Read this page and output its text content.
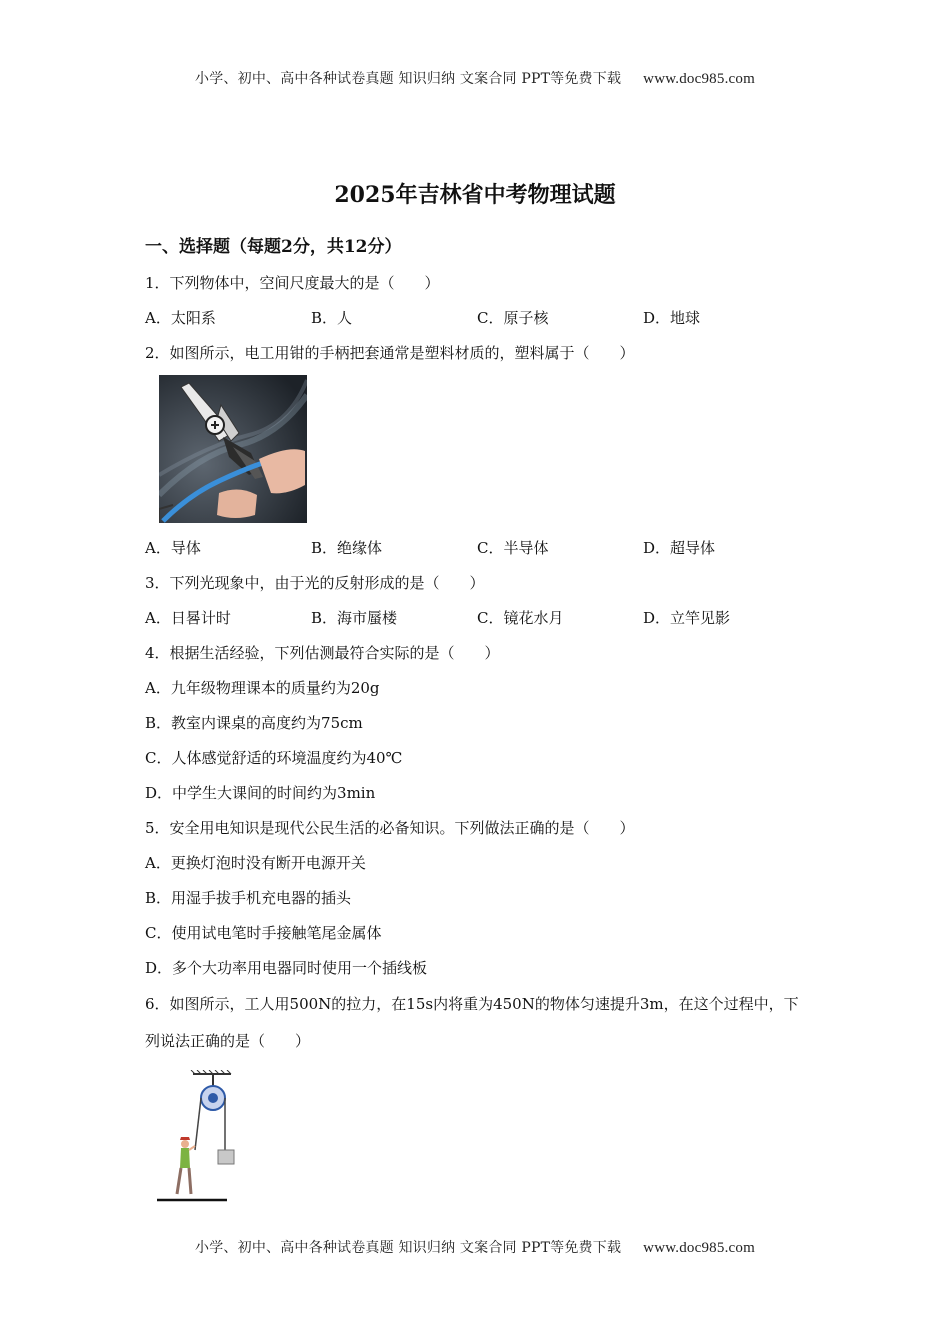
小学、初中、高中各种试卷真题 知识归纳 文案合同 PPT等免费下载 www.doc985.com
2025年吉林省中考物理试题
一、选择题（每题2分，共12分）
1．下列物体中，空间尺度最大的是（　　）
A．太阳系	B．人	C．原子核	D．地球
2．如图所示，电工用钳的手柄把套通常是塑料材质的，塑料属于（　　）
A．导体	B．绝缘体	C．半导体	D．超导体
3．下列光现象中，由于光的反射形成的是（　　）
A．日晷计时	B．海市蜃楼	C．镜花水月	D．立竿见影
4．根据生活经验，下列估测最符合实际的是（　　）
A．九年级物理课本的质量约为20g
B．教室内课桌的高度约为75cm
C．人体感觉舒适的环境温度约为40℃
D．中学生大课间的时间约为3min
5．安全用电知识是现代公民生活的必备知识。下列做法正确的是（　　）
A．更换灯泡时没有断开电源开关
B．用湿手拔手机充电器的插头
C．使用试电笔时手接触笔尾金属体
D．多个大功率用电器同时使用一个插线板
6．如图所示，工人用500N的拉力，在15s内将重为450N的物体匀速提升3m，在这个过程中，下列说法正确的是（　　）
小学、初中、高中各种试卷真题 知识归纳 文案合同 PPT等免费下载 www.doc985.com
